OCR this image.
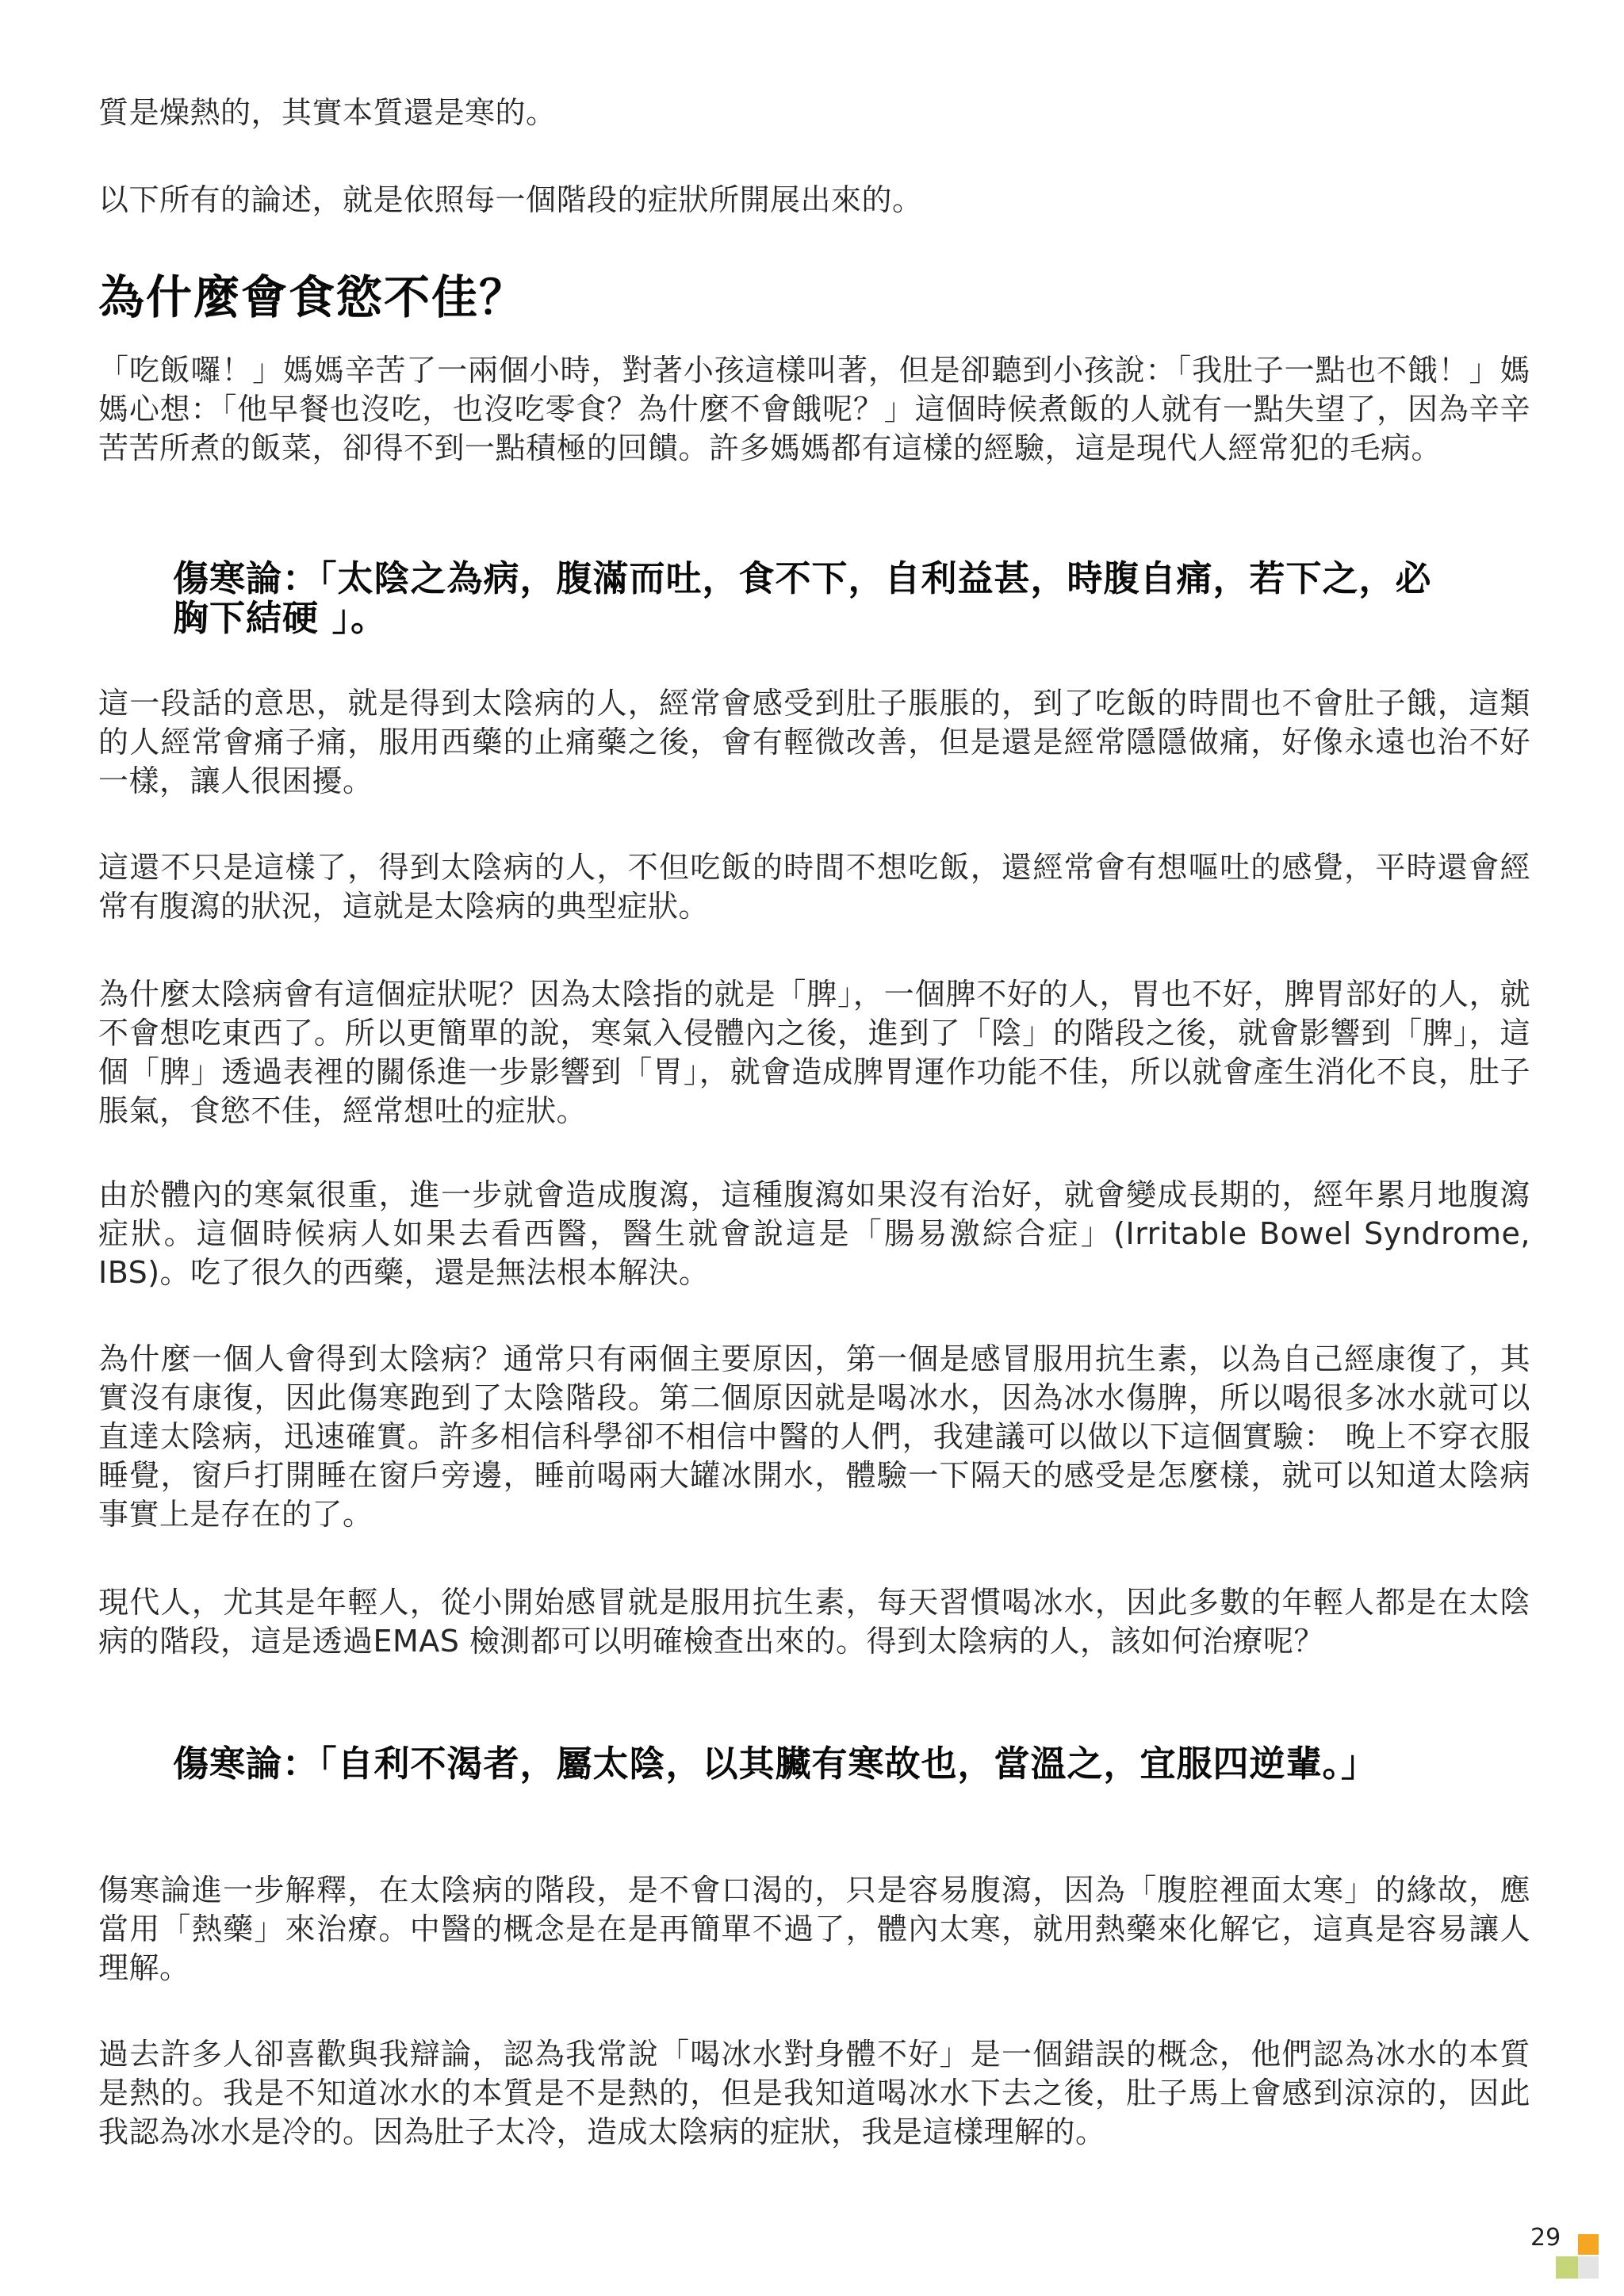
質是燥熱的，其實本質還是寒的。

以下所有的論述，就是依照每一個階段的症狀所開展出來的。

為什麼會食慾不佳？

「吃飯囉！」媽媽辛苦了一兩個小時，對著小孩這樣叫著，但是卻聽到小孩說：「我肚子一點也不餓！」媽媽心想：「他早餐也沒吃，也沒吃零食？為什麼不會餓呢？」這個時候煮飯的人就有一點失望了，因為辛辛苦苦所煮的飯菜，卻得不到一點積極的回饋。許多媽媽都有這樣的經驗，這是現代人經常犯的毛病。

傷寒論：「太陰之為病，腹滿而吐，食不下，自利益甚，時腹自痛，若下之，必胸下結硬 」。

這一段話的意思，就是得到太陰病的人，經常會感受到肚子脹脹的，到了吃飯的時間也不會肚子餓，這類的人經常會痛子痛，服用西藥的止痛藥之後，會有輕微改善，但是還是經常隱隱做痛，好像永遠也治不好一樣，讓人很困擾。

這還不只是這樣了，得到太陰病的人，不但吃飯的時間不想吃飯，還經常會有想嘔吐的感覺，平時還會經常有腹瀉的狀況，這就是太陰病的典型症狀。

為什麼太陰病會有這個症狀呢？因為太陰指的就是「脾」，一個脾不好的人，胃也不好，脾胃部好的人，就不會想吃東西了。所以更簡單的說，寒氣入侵體內之後，進到了「陰」的階段之後，就會影響到「脾」，這個「脾」透過表裡的關係進一步影響到「胃」，就會造成脾胃運作功能不佳，所以就會產生消化不良，肚子脹氣，食慾不佳，經常想吐的症狀。

由於體內的寒氣很重，進一步就會造成腹瀉，這種腹瀉如果沒有治好，就會變成長期的，經年累月地腹瀉症狀。這個時候病人如果去看西醫，醫生就會說這是「腸易激綜合症」(Irritable Bowel Syndrome, IBS)。吃了很久的西藥，還是無法根本解決。

為什麼一個人會得到太陰病？通常只有兩個主要原因，第一個是感冒服用抗生素，以為自己經康復了，其實沒有康復，因此傷寒跑到了太陰階段。第二個原因就是喝冰水，因為冰水傷脾，所以喝很多冰水就可以直達太陰病，迅速確實。許多相信科學卻不相信中醫的人們，我建議可以做以下這個實驗： 晚上不穿衣服睡覺，窗戶打開睡在窗戶旁邊，睡前喝兩大罐冰開水，體驗一下隔天的感受是怎麼樣，就可以知道太陰病事實上是存在的了。

現代人，尤其是年輕人，從小開始感冒就是服用抗生素，每天習慣喝冰水，因此多數的年輕人都是在太陰病的階段，這是透過EMAS 檢測都可以明確檢查出來的。得到太陰病的人，該如何治療呢？

傷寒論：「自利不渴者，屬太陰，以其臟有寒故也，當溫之，宜服四逆輩。」

傷寒論進一步解釋，在太陰病的階段，是不會口渴的，只是容易腹瀉，因為「腹腔裡面太寒」的緣故，應當用「熱藥」來治療。中醫的概念是在是再簡單不過了，體內太寒，就用熱藥來化解它，這真是容易讓人理解。

過去許多人卻喜歡與我辯論，認為我常說「喝冰水對身體不好」是一個錯誤的概念，他們認為冰水的本質是熱的。我是不知道冰水的本質是不是熱的，但是我知道喝冰水下去之後，肚子馬上會感到涼涼的，因此我認為冰水是冷的。因為肚子太冷，造成太陰病的症狀，我是這樣理解的。

29
